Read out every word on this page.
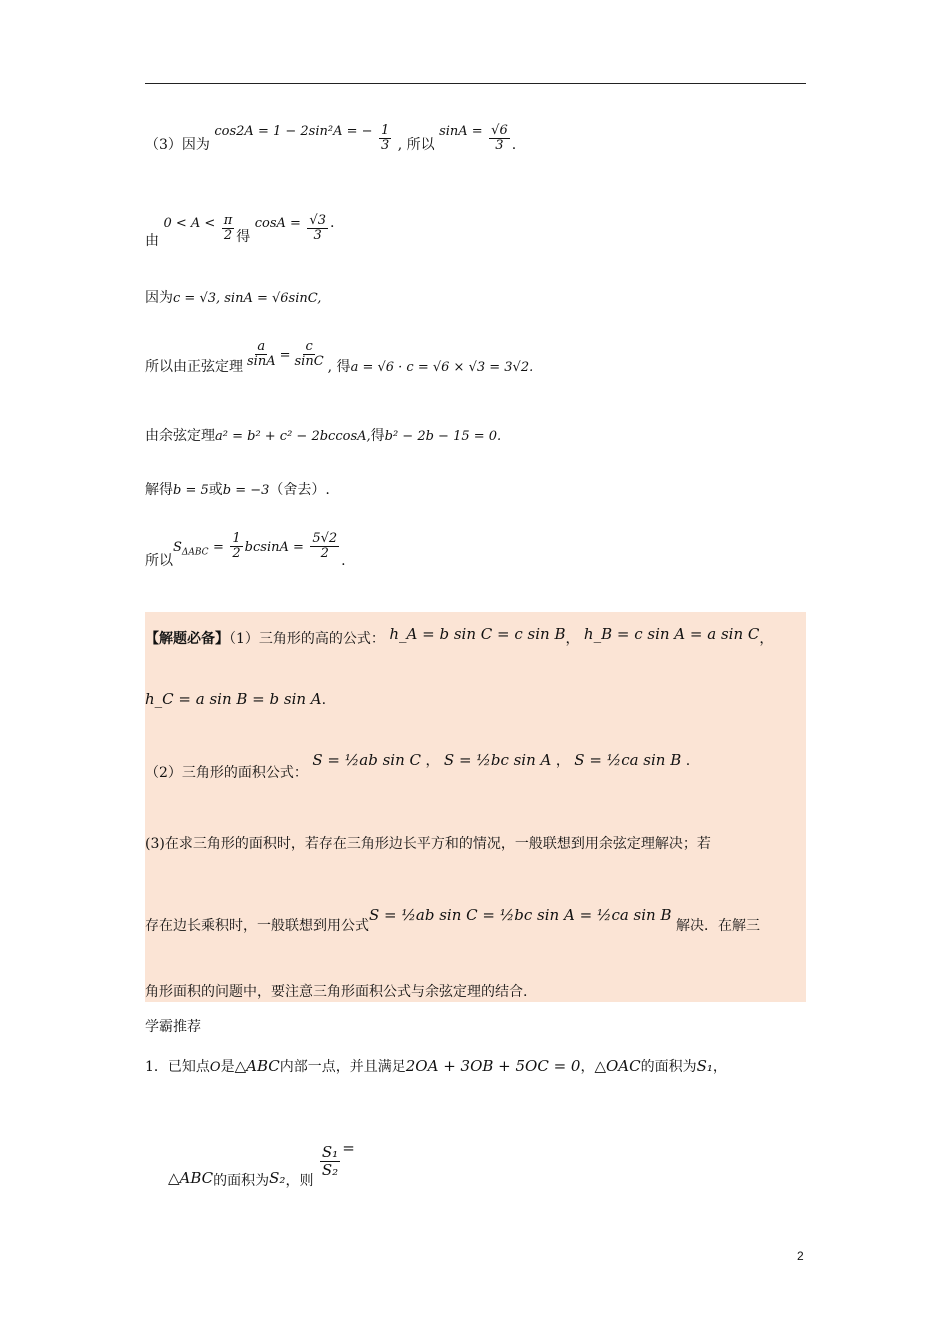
（3）因为 cos2A = 1 − 2sin²A = − $\frac{1}{3}$ , 所以 $\sin A = \frac{√6}{3}$ .
由 $0 < A < \frac{\pi}{2}$ 得 $\cos A = \frac{√3}{3}$ .
因为c = √3, sinA = √6sinC,
所以由正弦定理 $\frac{a}{\sin A} = \frac{c}{\sin C}$ , 得a = √6 · c = √6 × √3 = 3√2.
由余弦定理a² = b² + c² − 2bccosA,得b² − 2b − 15 = 0.
解得b = 5或b = −3（舍去）.
所以$S_{\Delta ABC} = \frac{1}{2}$ $bcsinA = \frac{5√2}{2}$ .
【解题必备】（1）三角形的高的公式： h_A = b sin C = c sin B， h_B = c sin A = a sin C，
h_C = a sin B = b sin A.
（2）三角形的面积公式： S = ½ab sin C ， S = ½bc sin A ， S = ½ca sin B .
(3)在求三角形的面积时，若存在三角形边长平方和的情况，一般联想到用余弦定理解决；若
存在边长乘积时，一般联想到用公式S = ½ab sin C = ½bc sin A = ½ca sin B 解决．在解三
角形面积的问题中，要注意三角形面积公式与余弦定理的结合.
学霸推荐
1．已知点O是△ABC内部一点，并且满足2OA + 3OB + 5OC = 0，△OAC的面积为S₁，
△ABC的面积为S₂，则
$\frac{\text{S₁}}{\text{S₂}}$ =
2
